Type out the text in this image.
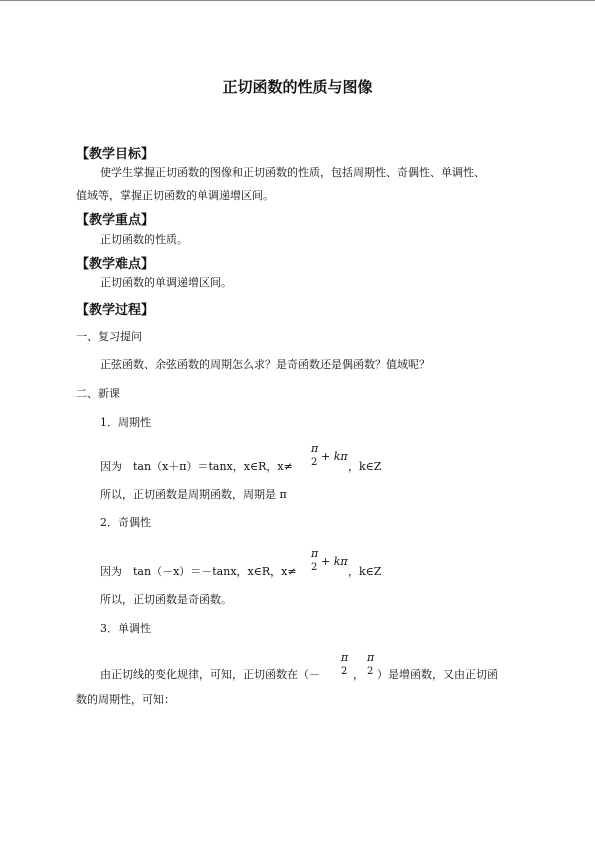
正切函数的性质与图像
【教学目标】
使学生掌握正切函数的图像和正切函数的性质，包括周期性、奇偶性、单调性、
值域等，掌握正切函数的单调递增区间。
【教学重点】
正切函数的性质。
【教学难点】
正切函数的单调递增区间。
【教学过程】
一、复习提问
正弦函数、余弦函数的周期怎么求？是奇函数还是偶函数？值域呢？
二、新课
1．周期性
因为　tan（x＋π）＝tanx，x∈R，x≠
π
2 + kπ
，k∈Z
所以，正切函数是周期函数，周期是 π
2．奇偶性
因为　tan（－x）＝－tanx，x∈R，x≠
π
2 + kπ
，k∈Z
所以，正切函数是奇函数。
3．单调性
由正切线的变化规律，可知，正切函数在（－
π
2 ，
π
2 ）是增函数，又由正切函
数的周期性，可知：
